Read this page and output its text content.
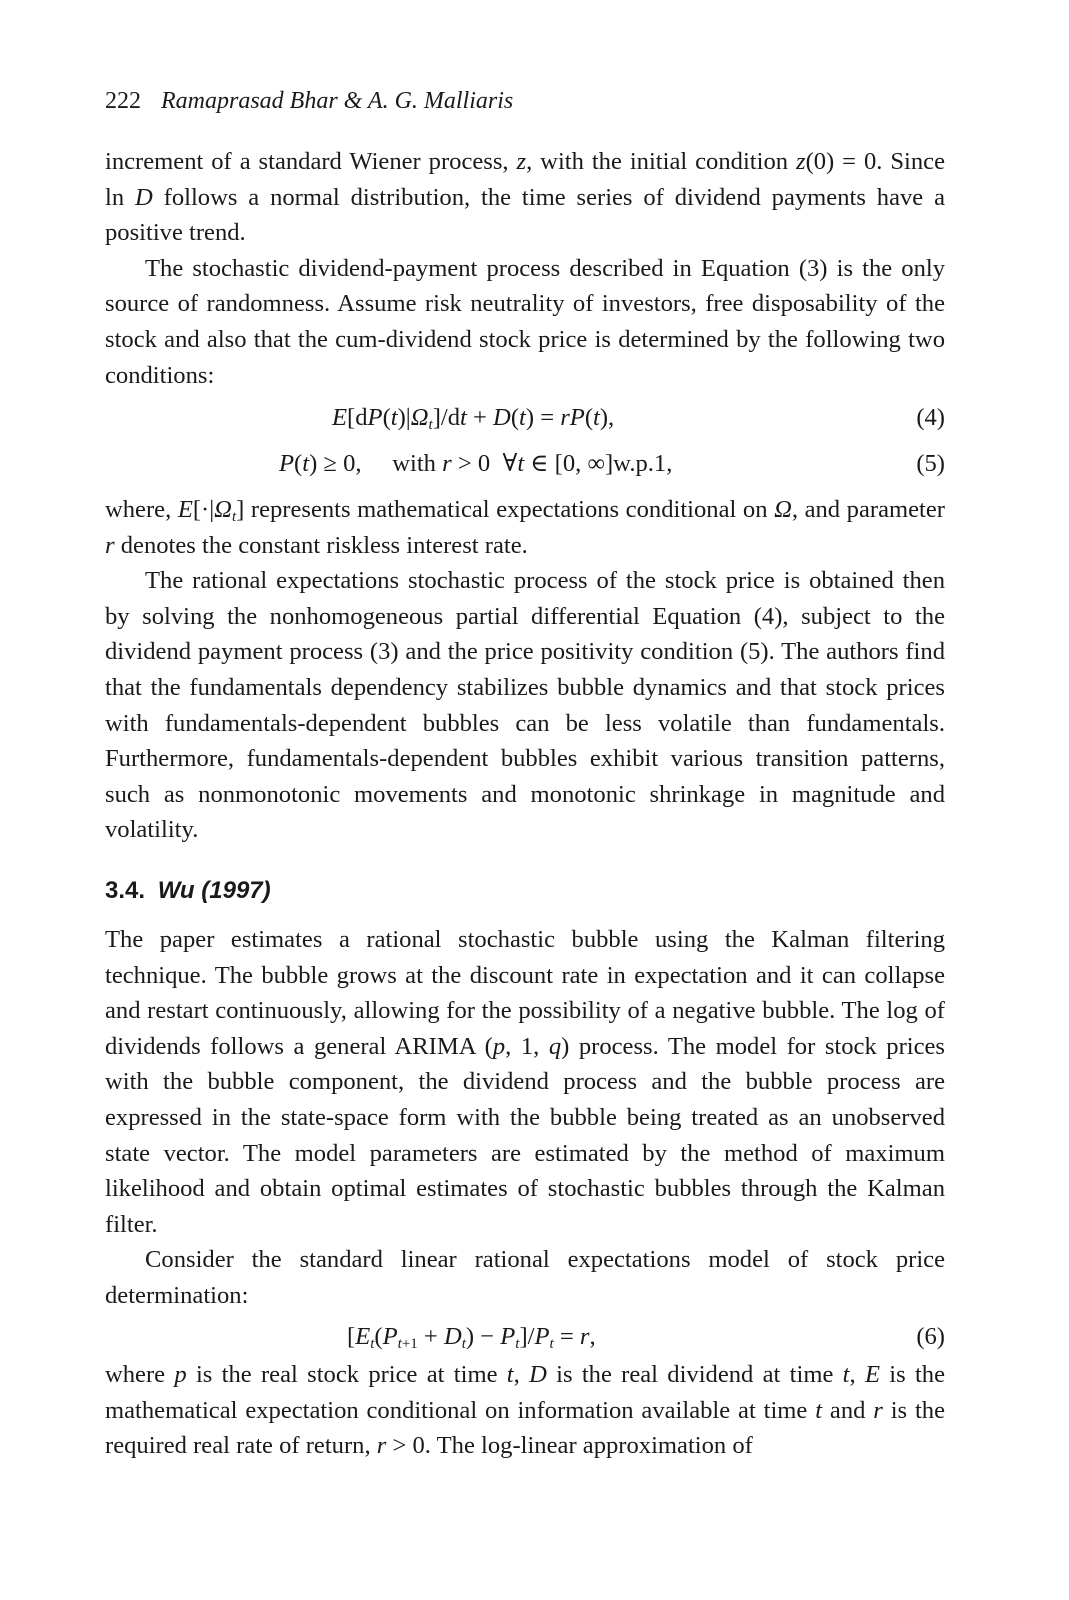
222 Ramaprasad Bhar & A. G. Malliaris

increment of a standard Wiener process, z, with the initial condition z(0) = 0. Since ln D follows a normal distribution, the time series of dividend payments have a positive trend.

The stochastic dividend-payment process described in Equation (3) is the only source of randomness. Assume risk neutrality of investors, free disposability of the stock and also that the cum-dividend stock price is determined by the following two conditions:

$E[dP(t)|\Omega_t]/dt + D(t) = rP(t)$,	(4)
P(t) ≥ 0,     with r > 0  ∀t ∈ [0, ∞]w.p.1,	(5)

where, $E[\cdot|\Omega_t]$ represents mathematical expectations conditional on Ω, and parameter r denotes the constant riskless interest rate.

The rational expectations stochastic process of the stock price is obtained then by solving the nonhomogeneous partial differential Equation (4), subject to the dividend payment process (3) and the price positivity condition (5). The authors find that the fundamentals dependency stabilizes bubble dynamics and that stock prices with fundamentals-dependent bubbles can be less volatile than fundamentals. Furthermore, fundamentals-dependent bubbles exhibit various transition patterns, such as nonmonotonic movements and monotonic shrinkage in magnitude and volatility.

3.4. Wu (1997)

The paper estimates a rational stochastic bubble using the Kalman filtering technique. The bubble grows at the discount rate in expectation and it can collapse and restart continuously, allowing for the possibility of a negative bubble. The log of dividends follows a general ARIMA (p, 1, q) process. The model for stock prices with the bubble component, the dividend process and the bubble process are expressed in the state-space form with the bubble being treated as an unobserved state vector. The model parameters are estimated by the method of maximum likelihood and obtain optimal estimates of stochastic bubbles through the Kalman filter.

Consider the standard linear rational expectations model of stock price determination:

$[E_t(P_{t+1} + D_t) - P_t]/P_t = r$,	(6)

where p is the real stock price at time t, D is the real dividend at time t, E is the mathematical expectation conditional on information available at time t and r is the required real rate of return, r > 0. The log-linear approximation of
